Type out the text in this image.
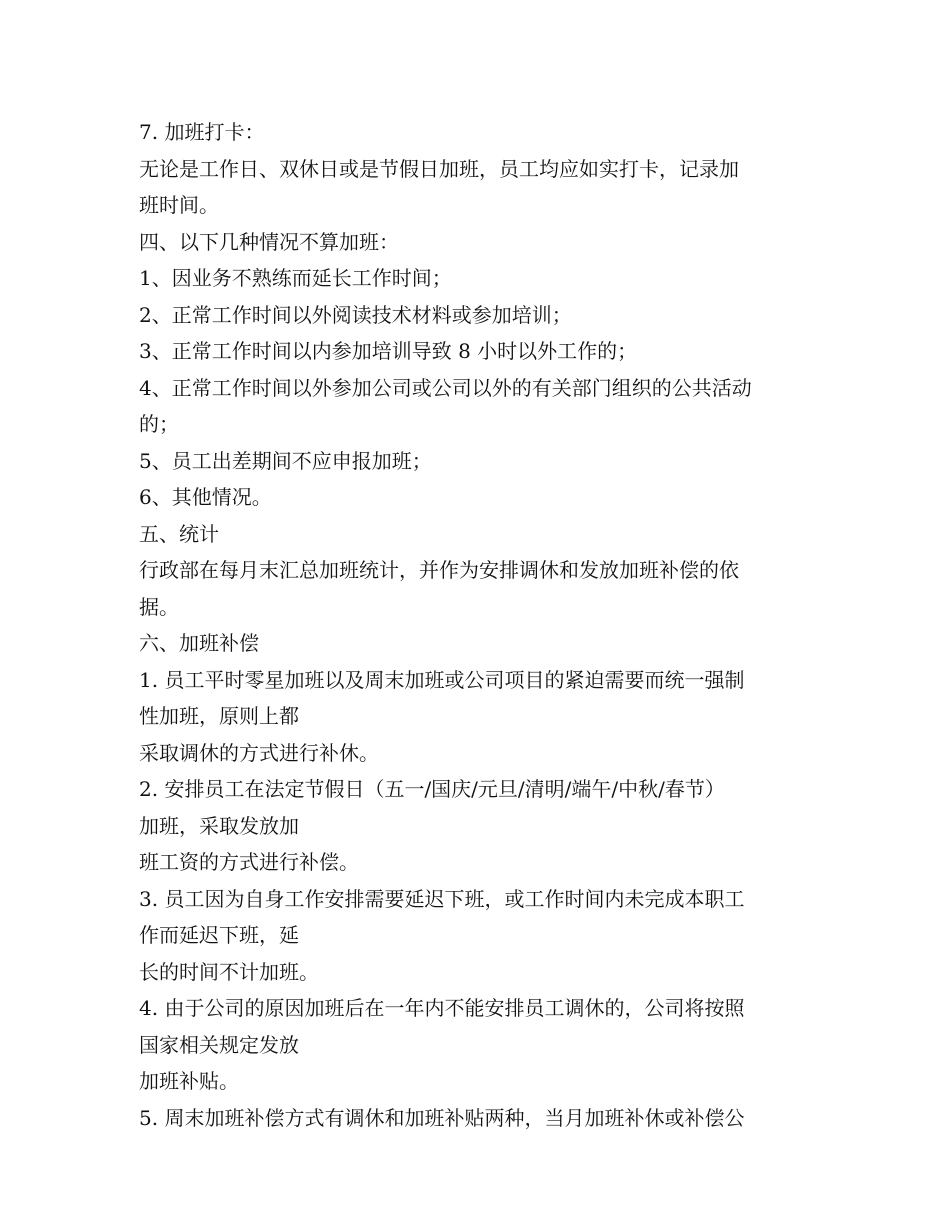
7. 加班打卡：
无论是工作日、双休日或是节假日加班，员工均应如实打卡，记录加
班时间。
四、以下几种情况不算加班：
1、因业务不熟练而延长工作时间；
2、正常工作时间以外阅读技术材料或参加培训；
3、正常工作时间以内参加培训导致 8 小时以外工作的；
4、正常工作时间以外参加公司或公司以外的有关部门组织的公共活动
的；
5、员工出差期间不应申报加班；
6、其他情况。
五、统计
行政部在每月末汇总加班统计，并作为安排调休和发放加班补偿的依
据。
六、加班补偿
1. 员工平时零星加班以及周末加班或公司项目的紧迫需要而统一强制
性加班，原则上都
采取调休的方式进行补休。
2. 安排员工在法定节假日（五一/国庆/元旦/清明/端午/中秋/春节）
加班，采取发放加
班工资的方式进行补偿。
3. 员工因为自身工作安排需要延迟下班，或工作时间内未完成本职工
作而延迟下班，延
长的时间不计加班。
4. 由于公司的原因加班后在一年内不能安排员工调休的，公司将按照
国家相关规定发放
加班补贴。
5. 周末加班补偿方式有调休和加班补贴两种，当月加班补休或补偿公
